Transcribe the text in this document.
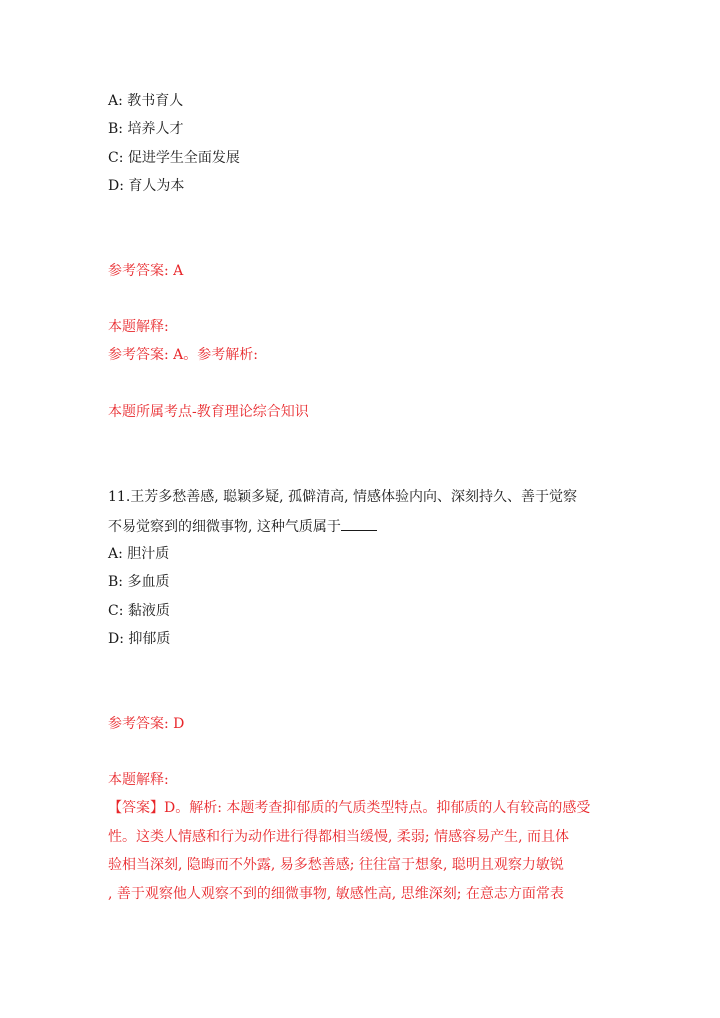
A: 教书育人
B: 培养人才
C: 促进学生全面发展
D: 育人为本
参考答案: A
本题解释:
参考答案: A。参考解析:
本题所属考点-教育理论综合知识
11.王芳多愁善感, 聪颖多疑, 孤僻清高, 情感体验内向、深刻持久、善于觉察
不易觉察到的细微事物, 这种气质属于
A: 胆汁质
B: 多血质
C: 黏液质
D: 抑郁质
参考答案: D
本题解释:
【答案】D。解析: 本题考查抑郁质的气质类型特点。抑郁质的人有较高的感受
性。这类人情感和行为动作进行得都相当缓慢, 柔弱; 情感容易产生, 而且体
验相当深刻, 隐晦而不外露, 易多愁善感; 往往富于想象, 聪明且观察力敏锐
, 善于观察他人观察不到的细微事物, 敏感性高, 思维深刻; 在意志方面常表
